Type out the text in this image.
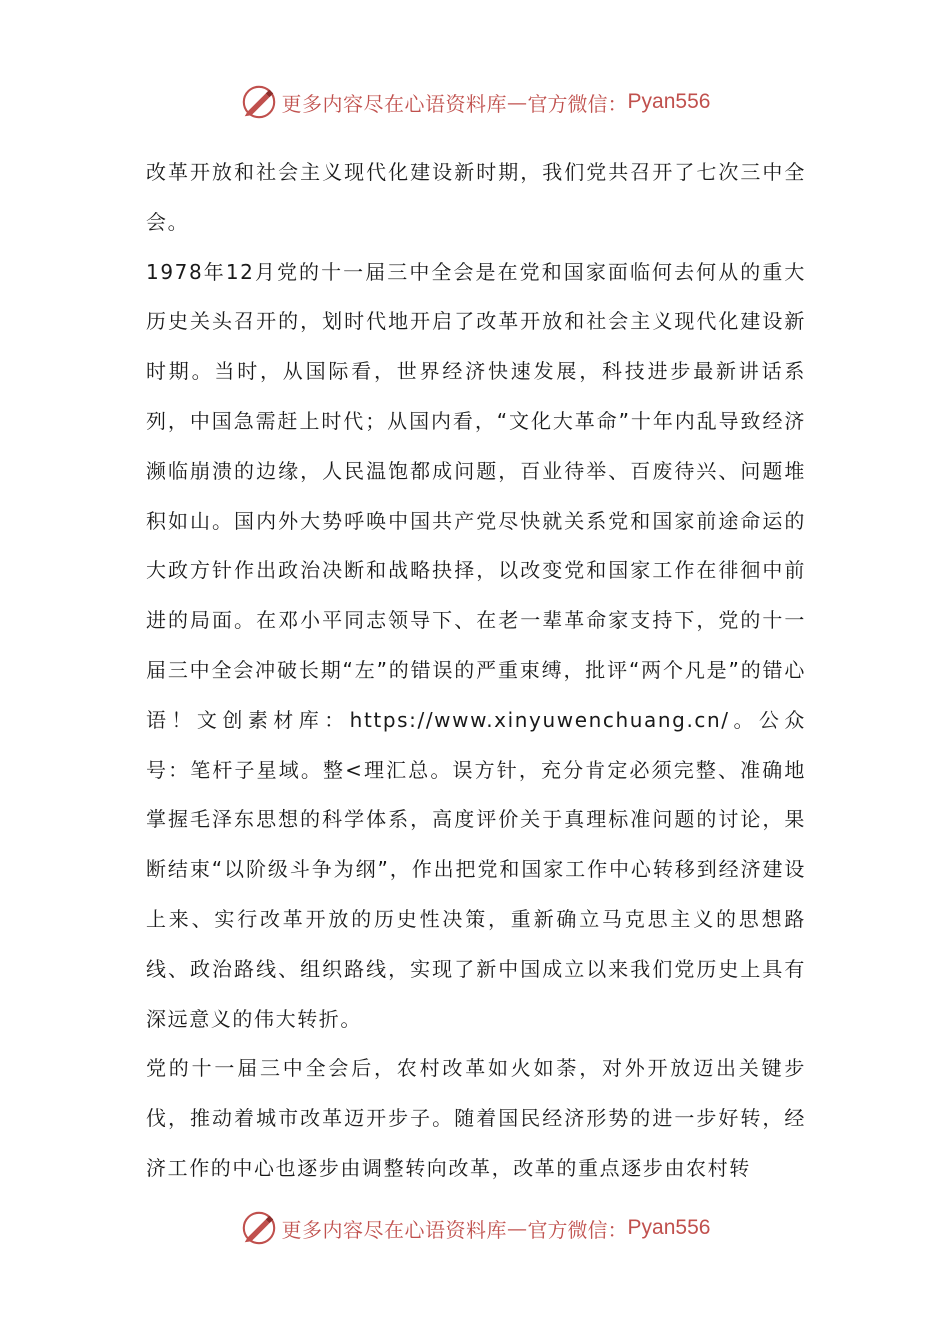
更多内容尽在心语资料库 — 官方微信： Pyan556

改革开放和社会主义现代化建设新时期，我们党共召开了七次三中全会。

1978年12月党的十一届三中全会是在党和国家面临何去何从的重大历史关头召开的，划时代地开启了改革开放和社会主义现代化建设新时期。当时，从国际看，世界经济快速发展，科技进步最新讲话系列，中国急需赶上时代；从国内看，“文化大革命”十年内乱导致经济濒临崩溃的边缘，人民温饱都成问题，百业待举、百废待兴、问题堆积如山。国内外大势呼唤中国共产党尽快就关系党和国家前途命运的大政方针作出政治决断和战略抉择，以改变党和国家工作在徘徊中前进的局面。在邓小平同志领导下、在老一辈革命家支持下，党的十一届三中全会冲破长期“左”的错误的严重束缚，批评“两个凡是”的错心语！文创素材库：https://www.xinyuwenchuang.cn/。公众号：笔杆子星域。整<理汇总。误方针，充分肯定必须完整、准确地掌握毛泽东思想的科学体系，高度评价关于真理标准问题的讨论，果断结束“以阶级斗争为纲”，作出把党和国家工作中心转移到经济建设上来、实行改革开放的历史性决策，重新确立马克思主义的思想路线、政治路线、组织路线，实现了新中国成立以来我们党历史上具有深远意义的伟大转折。

党的十一届三中全会后，农村改革如火如荼，对外开放迈出关键步伐，推动着城市改革迈开步子。随着国民经济形势的进一步好转，经济工作的中心也逐步由调整转向改革，改革的重点逐步由农村转

更多内容尽在心语资料库 — 官方微信： Pyan556
